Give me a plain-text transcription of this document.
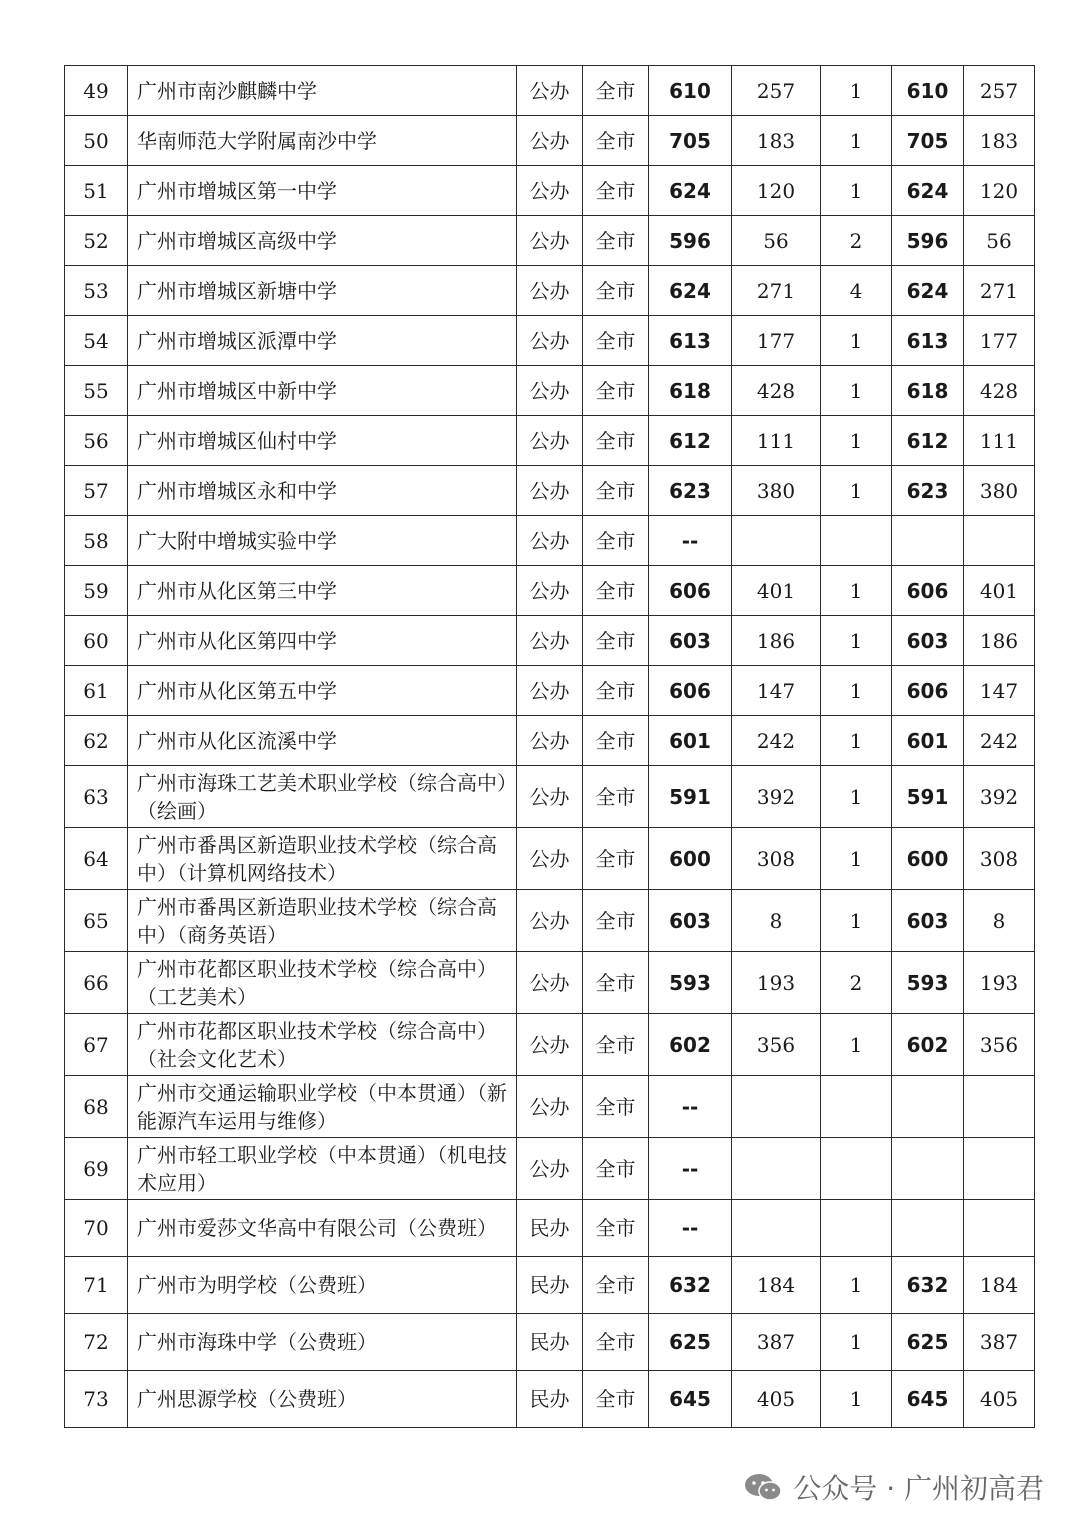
49	广州市南沙麒麟中学	公办	全市	610	257	1	610	257
50	华南师范大学附属南沙中学	公办	全市	705	183	1	705	183
51	广州市增城区第一中学	公办	全市	624	120	1	624	120
52	广州市增城区高级中学	公办	全市	596	56	2	596	56
53	广州市增城区新塘中学	公办	全市	624	271	4	624	271
54	广州市增城区派潭中学	公办	全市	613	177	1	613	177
55	广州市增城区中新中学	公办	全市	618	428	1	618	428
56	广州市增城区仙村中学	公办	全市	612	111	1	612	111
57	广州市增城区永和中学	公办	全市	623	380	1	623	380
58	广大附中增城实验中学	公办	全市	--				
59	广州市从化区第三中学	公办	全市	606	401	1	606	401
60	广州市从化区第四中学	公办	全市	603	186	1	603	186
61	广州市从化区第五中学	公办	全市	606	147	1	606	147
62	广州市从化区流溪中学	公办	全市	601	242	1	601	242
63	广州市海珠工艺美术职业学校（综合高中）（绘画）	公办	全市	591	392	1	591	392
64	广州市番禺区新造职业技术学校（综合高中）（计算机网络技术）	公办	全市	600	308	1	600	308
65	广州市番禺区新造职业技术学校（综合高中）（商务英语）	公办	全市	603	8	1	603	8
66	广州市花都区职业技术学校（综合高中）（工艺美术）	公办	全市	593	193	2	593	193
67	广州市花都区职业技术学校（综合高中）（社会文化艺术）	公办	全市	602	356	1	602	356
68	广州市交通运输职业学校（中本贯通）（新能源汽车运用与维修）	公办	全市	--				
69	广州市轻工职业学校（中本贯通）（机电技术应用）	公办	全市	--				
70	广州市爱莎文华高中有限公司（公费班）	民办	全市	--				
71	广州市为明学校（公费班）	民办	全市	632	184	1	632	184
72	广州市海珠中学（公费班）	民办	全市	625	387	1	625	387
73	广州思源学校（公费班）	民办	全市	645	405	1	645	405
公众号 · 广州初高君
